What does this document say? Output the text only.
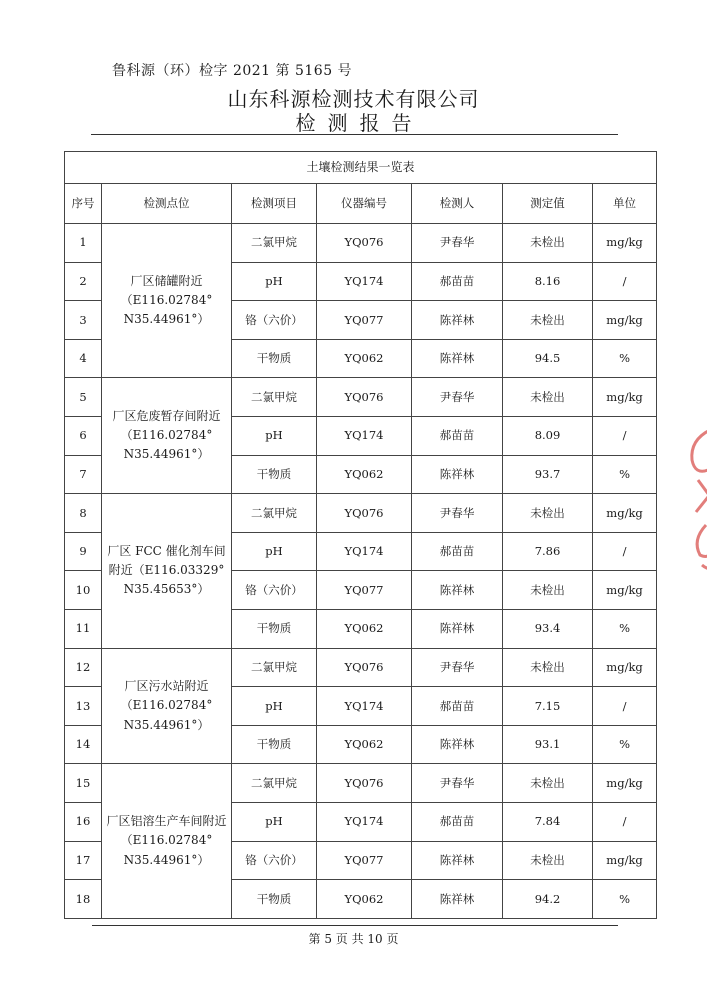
鲁科源（环）检字 2021 第 5165 号
山东科源检测技术有限公司
检测报告
土壤检测结果一览表						
序号	检测点位	检测项目	仪器编号	检测人	测定值	单位
1	厂区储罐附近（E116.02784° N35.44961°）	二氯甲烷	YQ076	尹春华	未检出	mg/kg
2		pH	YQ174	郝苗苗	8.16	/
3		铬（六价）	YQ077	陈祥林	未检出	mg/kg
4		干物质	YQ062	陈祥林	94.5	%
5	厂区危废暂存间附近（E116.02784° N35.44961°）	二氯甲烷	YQ076	尹春华	未检出	mg/kg
6		pH	YQ174	郝苗苗	8.09	/
7		干物质	YQ062	陈祥林	93.7	%
8	厂区 FCC 催化剂车间附近（E116.03329° N35.45653°）	二氯甲烷	YQ076	尹春华	未检出	mg/kg
9		pH	YQ174	郝苗苗	7.86	/
10		铬（六价）	YQ077	陈祥林	未检出	mg/kg
11		干物质	YQ062	陈祥林	93.4	%
12	厂区污水站附近（E116.02784° N35.44961°）	二氯甲烷	YQ076	尹春华	未检出	mg/kg
13		pH	YQ174	郝苗苗	7.15	/
14		干物质	YQ062	陈祥林	93.1	%
15	厂区铝溶生产车间附近（E116.02784° N35.44961°）	二氯甲烷	YQ076	尹春华	未检出	mg/kg
16		pH	YQ174	郝苗苗	7.84	/
17		铬（六价）	YQ077	陈祥林	未检出	mg/kg
18		干物质	YQ062	陈祥林	94.2	%
第 5 页 共 10 页
